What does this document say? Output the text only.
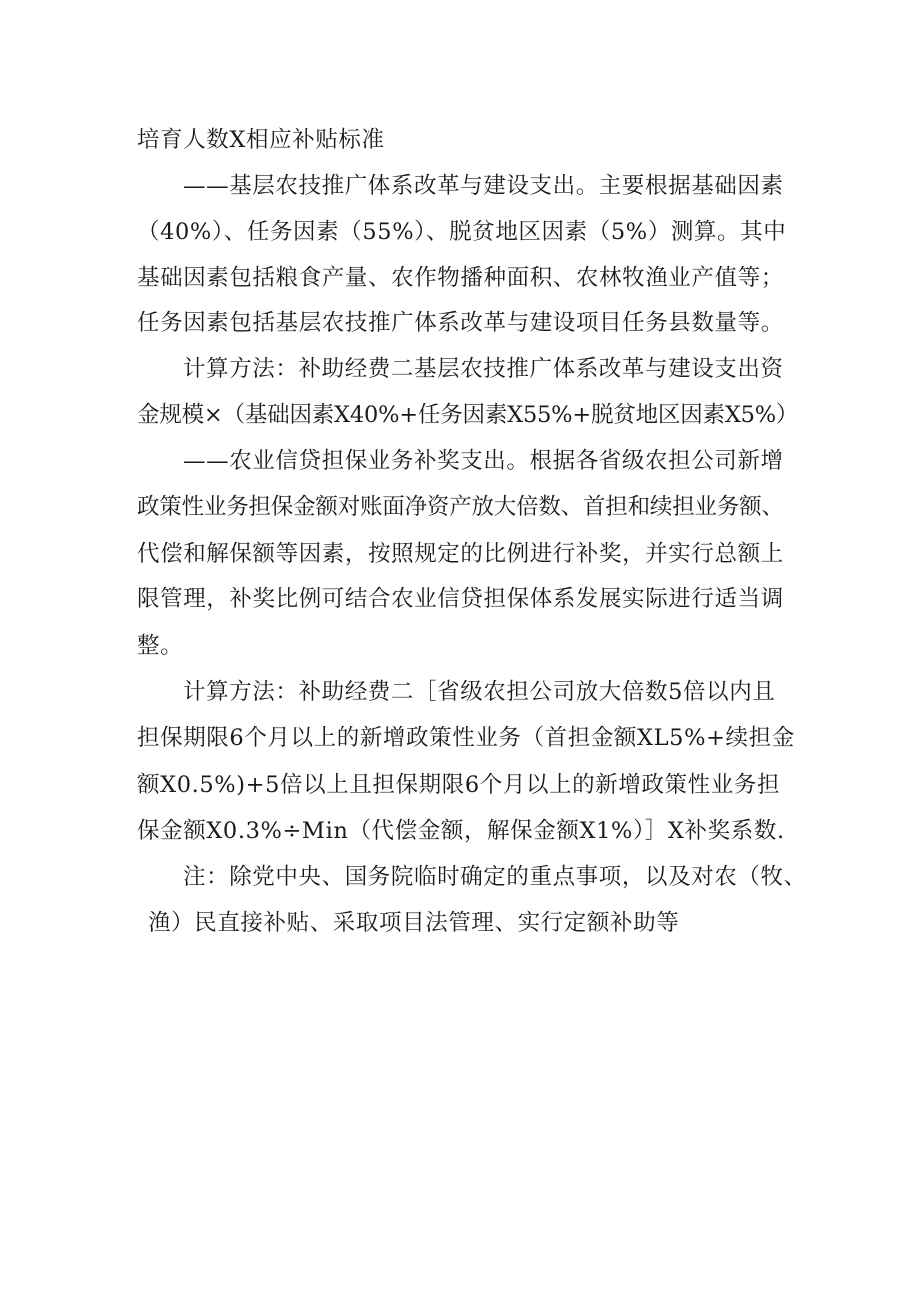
培育人数X相应补贴标准
——基层农技推广体系改革与建设支出。主要根据基础因素
（40%）、任务因素（55%）、脱贫地区因素（5%）测算。其中
基础因素包括粮食产量、农作物播种面积、农林牧渔业产值等；
任务因素包括基层农技推广体系改革与建设项目任务县数量等。
计算方法：补助经费二基层农技推广体系改革与建设支出资
金规模×（基础因素X40%+任务因素X55%+脱贫地区因素X5%）
——农业信贷担保业务补奖支出。根据各省级农担公司新增
政策性业务担保金额对账面净资产放大倍数、首担和续担业务额、
代偿和解保额等因素，按照规定的比例进行补奖，并实行总额上
限管理，补奖比例可结合农业信贷担保体系发展实际进行适当调
整。
计算方法：补助经费二［省级农担公司放大倍数5倍以内且
担保期限6个月以上的新增政策性业务（首担金额XL5%+续担金
额X0.5%)+5倍以上且担保期限6个月以上的新增政策性业务担
保金额X0.3%÷Min（代偿金额，解保金额X1%）］X补奖系数.
注：除党中央、国务院临时确定的重点事项，以及对农（牧、
渔）民直接补贴、采取项目法管理、实行定额补助等
